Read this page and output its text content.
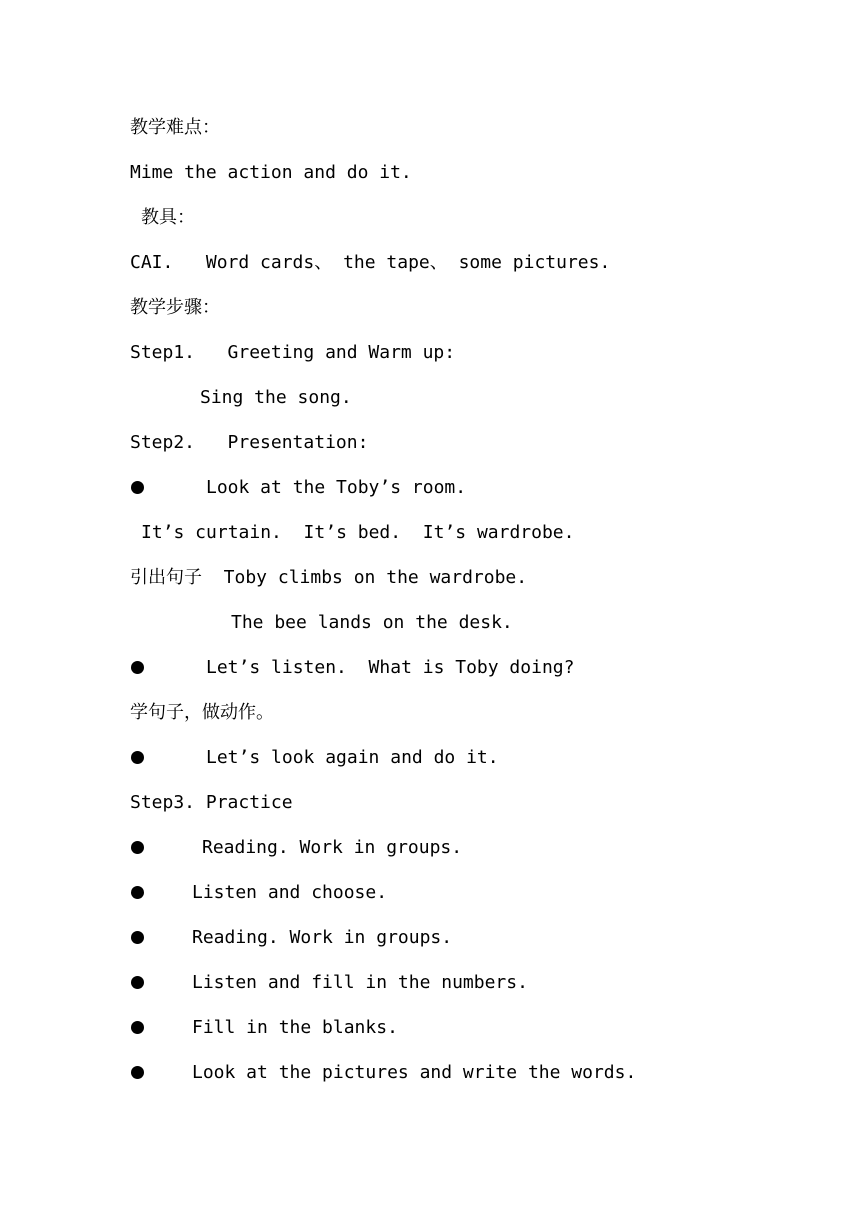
教学难点：
Mime the action and do it.
教具：
CAI.   Word cards、 the tape、 some pictures.
教学步骤：
Step1.   Greeting and Warm up:
Sing the song.
Step2.   Presentation:
Look at the Toby’s room.
It’s curtain.  It’s bed.  It’s wardrobe.
引出句子  Toby climbs on the wardrobe.
The bee lands on the desk.
Let’s listen.  What is Toby doing?
学句子，做动作。
Let’s look again and do it.
Step3. Practice
Reading. Work in groups.
Listen and choose.
Reading. Work in groups.
Listen and fill in the numbers.
Fill in the blanks.
Look at the pictures and write the words.
